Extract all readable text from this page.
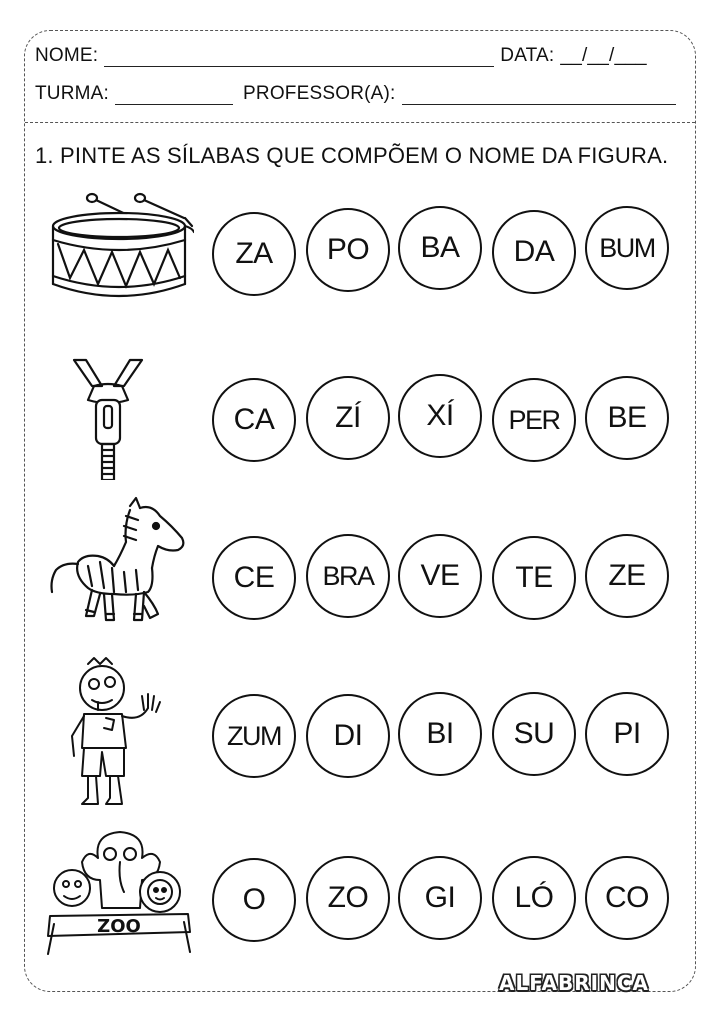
NOME:	DATA: __/__/___
TURMA:	PROFESSOR(A):
1. PINTE AS SÍLABAS QUE COMPÕEM O NOME DA FIGURA.
ZA	PO	BA	DA	BUM
CA	ZÍ	XÍ	PER	BE
CE	BRA	VE	TE	ZE
ZUM	DI	BI	SU	PI
ZOO
O	ZO	GI	LÓ	CO
ALFABRINCA
